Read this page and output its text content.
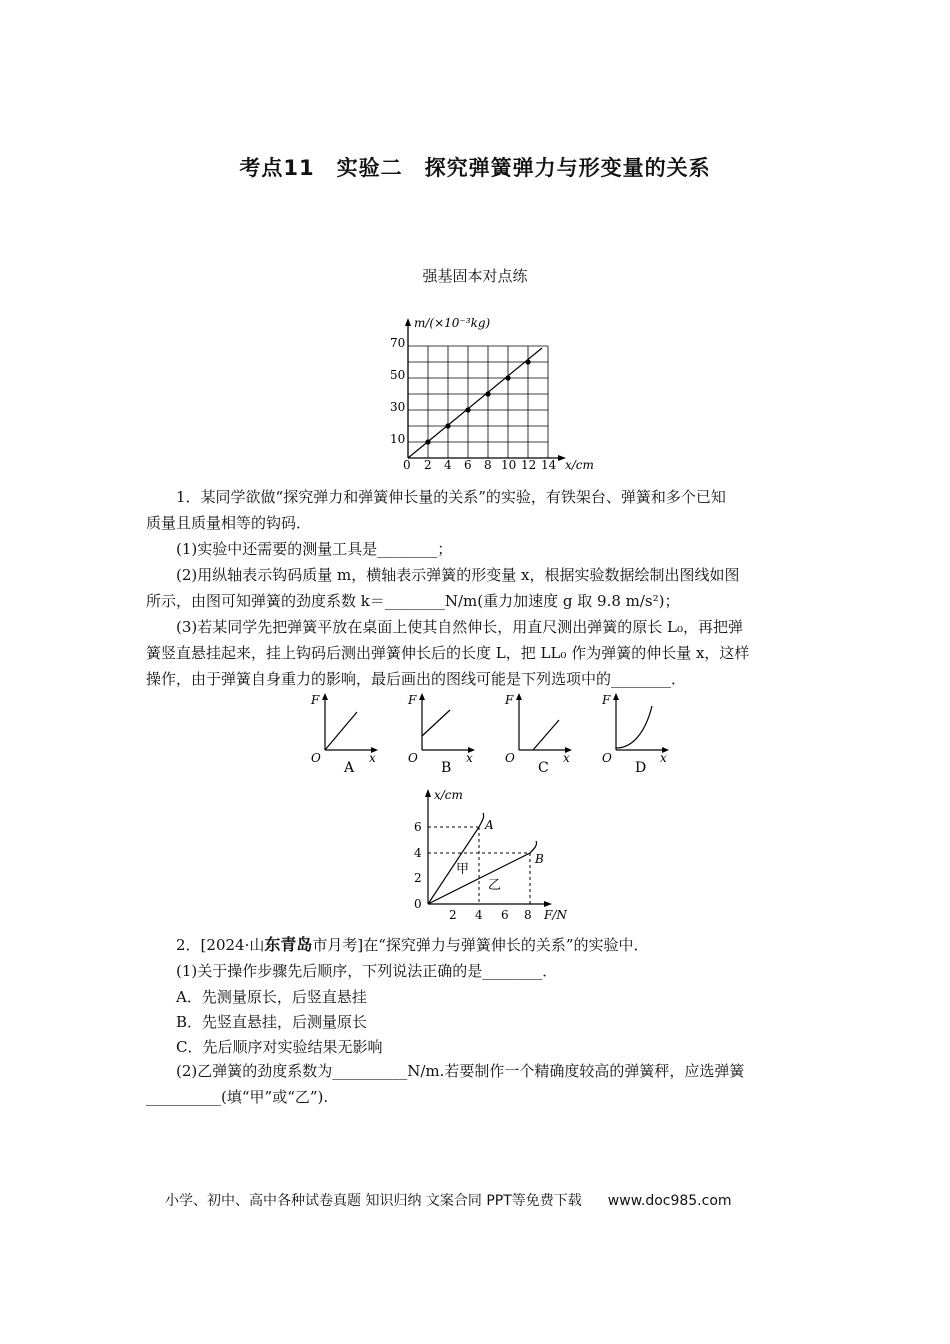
考点11　实验二　探究弹簧弹力与形变量的关系
强基固本对点练
m/(×10⁻³kg)
x/cm
70
50
30
10
0 2 4 6 8 10 12 14
1．某同学欲做“探究弹力和弹簧伸长量的关系”的实验，有铁架台、弹簧和多个已知
质量且质量相等的钩码．
(1)实验中还需要的测量工具是________；
(2)用纵轴表示钩码质量 m，横轴表示弹簧的形变量 x，根据实验数据绘制出图线如图
所示，由图可知弹簧的劲度系数 k＝________N/m(重力加速度 g 取 9.8 m/s²)；
(3)若某同学先把弹簧平放在桌面上使其自然伸长，用直尺测出弹簧的原长 L₀，再把弹
簧竖直悬挂起来，挂上钩码后测出弹簧伸长后的长度 L，把 LL₀ 作为弹簧的伸长量 x，这样
操作，由于弹簧自身重力的影响，最后画出的图线可能是下列选项中的________．
F
O	x
A
F
O	x
B
F
O	x
C
F
O	x
D
x/cm
F/N
6
4
2
0
2 4 6 8
A
B
甲
乙
2．[2024·山东青岛市月考]在“探究弹力与弹簧伸长的关系”的实验中．
(1)关于操作步骤先后顺序，下列说法正确的是________．
A．先测量原长，后竖直悬挂
B．先竖直悬挂，后测量原长
C．先后顺序对实验结果无影响
(2)乙弹簧的劲度系数为__________N/m.若要制作一个精确度较高的弹簧秤，应选弹簧
__________(填“甲”或“乙”).
小学、初中、高中各种试卷真题 知识归纳 文案合同 PPT等免费下载 www.doc985.com
